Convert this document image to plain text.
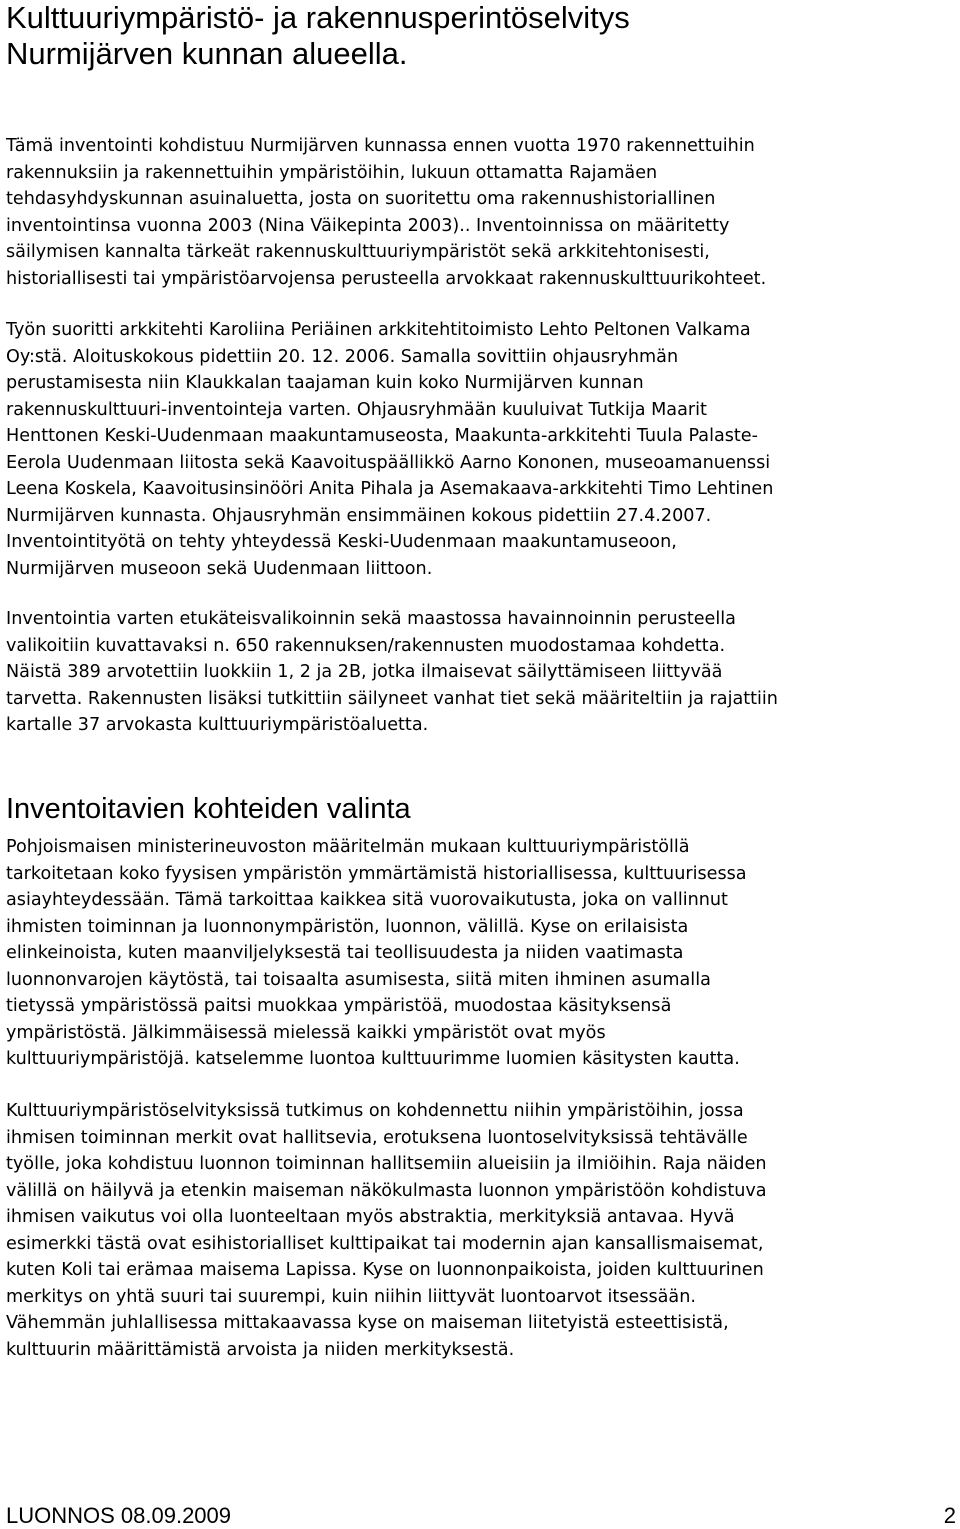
Kulttuuriympäristö- ja rakennusperintöselvitys
Nurmijärven kunnan alueella.

Tämä inventointi kohdistuu Nurmijärven kunnassa ennen vuotta 1970 rakennettuihin
rakennuksiin ja rakennettuihin ympäristöihin, lukuun ottamatta Rajamäen
tehdasyhdyskunnan asuinaluetta, josta on suoritettu oma rakennushistoriallinen
inventointinsa vuonna 2003 (Nina Väikepinta 2003).. Inventoinnissa on määritetty
säilymisen kannalta tärkeät rakennuskulttuuriympäristöt sekä arkkitehtonisesti,
historiallisesti tai ympäristöarvojensa perusteella arvokkaat rakennuskulttuurikohteet.

Työn suoritti arkkitehti Karoliina Periäinen arkkitehtitoimisto Lehto Peltonen Valkama
Oy:stä. Aloituskokous pidettiin 20. 12. 2006. Samalla sovittiin ohjausryhmän
perustamisesta niin Klaukkalan taajaman kuin koko Nurmijärven kunnan
rakennuskulttuuri-inventointeja varten. Ohjausryhmään kuuluivat Tutkija Maarit
Henttonen Keski-Uudenmaan maakuntamuseosta, Maakunta-arkkitehti Tuula Palaste-
Eerola Uudenmaan liitosta sekä Kaavoituspäällikkö Aarno Kononen, museoamanuenssi
Leena Koskela, Kaavoitusinsinööri Anita Pihala ja Asemakaava-arkkitehti Timo Lehtinen
Nurmijärven kunnasta. Ohjausryhmän ensimmäinen kokous pidettiin 27.4.2007.
Inventointityötä on tehty yhteydessä Keski-Uudenmaan maakuntamuseoon,
Nurmijärven museoon sekä Uudenmaan liittoon.

Inventointia varten etukäteisvalikoinnin sekä maastossa havainnoinnin perusteella
valikoitiin kuvattavaksi n. 650 rakennuksen/rakennusten muodostamaa kohdetta.
Näistä 389 arvotettiin luokkiin 1, 2 ja 2B, jotka ilmaisevat säilyttämiseen liittyvää
tarvetta. Rakennusten lisäksi tutkittiin säilyneet vanhat tiet sekä määriteltiin ja rajattiin
kartalle 37 arvokasta kulttuuriympäristöaluetta.

Inventoitavien kohteiden valinta

Pohjoismaisen ministerineuvoston määritelmän mukaan kulttuuriympäristöllä
tarkoitetaan koko fyysisen ympäristön ymmärtämistä historiallisessa, kulttuurisessa
asiayhteydessään. Tämä tarkoittaa kaikkea sitä vuorovaikutusta, joka on vallinnut
ihmisten toiminnan ja luonnonympäristön, luonnon, välillä. Kyse on erilaisista
elinkeinoista, kuten maanviljelyksestä tai teollisuudesta ja niiden vaatimasta
luonnonvarojen käytöstä, tai toisaalta asumisesta, siitä miten ihminen asumalla
tietyssä ympäristössä paitsi muokkaa ympäristöä, muodostaa käsityksensä
ympäristöstä. Jälkimmäisessä mielessä kaikki ympäristöt ovat myös
kulttuuriympäristöjä. katselemme luontoa kulttuurimme luomien käsitysten kautta.

Kulttuuriympäristöselvityksissä tutkimus on kohdennettu niihin ympäristöihin, jossa
ihmisen toiminnan merkit ovat hallitsevia, erotuksena luontoselvityksissä tehtävälle
työlle, joka kohdistuu luonnon toiminnan hallitsemiin alueisiin ja ilmiöihin. Raja näiden
välillä on häilyvä ja etenkin maiseman näkökulmasta luonnon ympäristöön kohdistuva
ihmisen vaikutus voi olla luonteeltaan myös abstraktia, merkityksiä antavaa. Hyvä
esimerkki tästä ovat esihistorialliset kulttipaikat tai modernin ajan kansallismaisemat,
kuten Koli tai erämaa maisema Lapissa. Kyse on luonnonpaikoista, joiden kulttuurinen
merkitys on yhtä suuri tai suurempi, kuin niihin liittyvät luontoarvot itsessään.
Vähemmän juhlallisessa mittakaavassa kyse on maiseman liitetyistä esteettisistä,
kulttuurin määrittämistä arvoista ja niiden merkityksestä.

LUONNOS 08.09.2009	2
